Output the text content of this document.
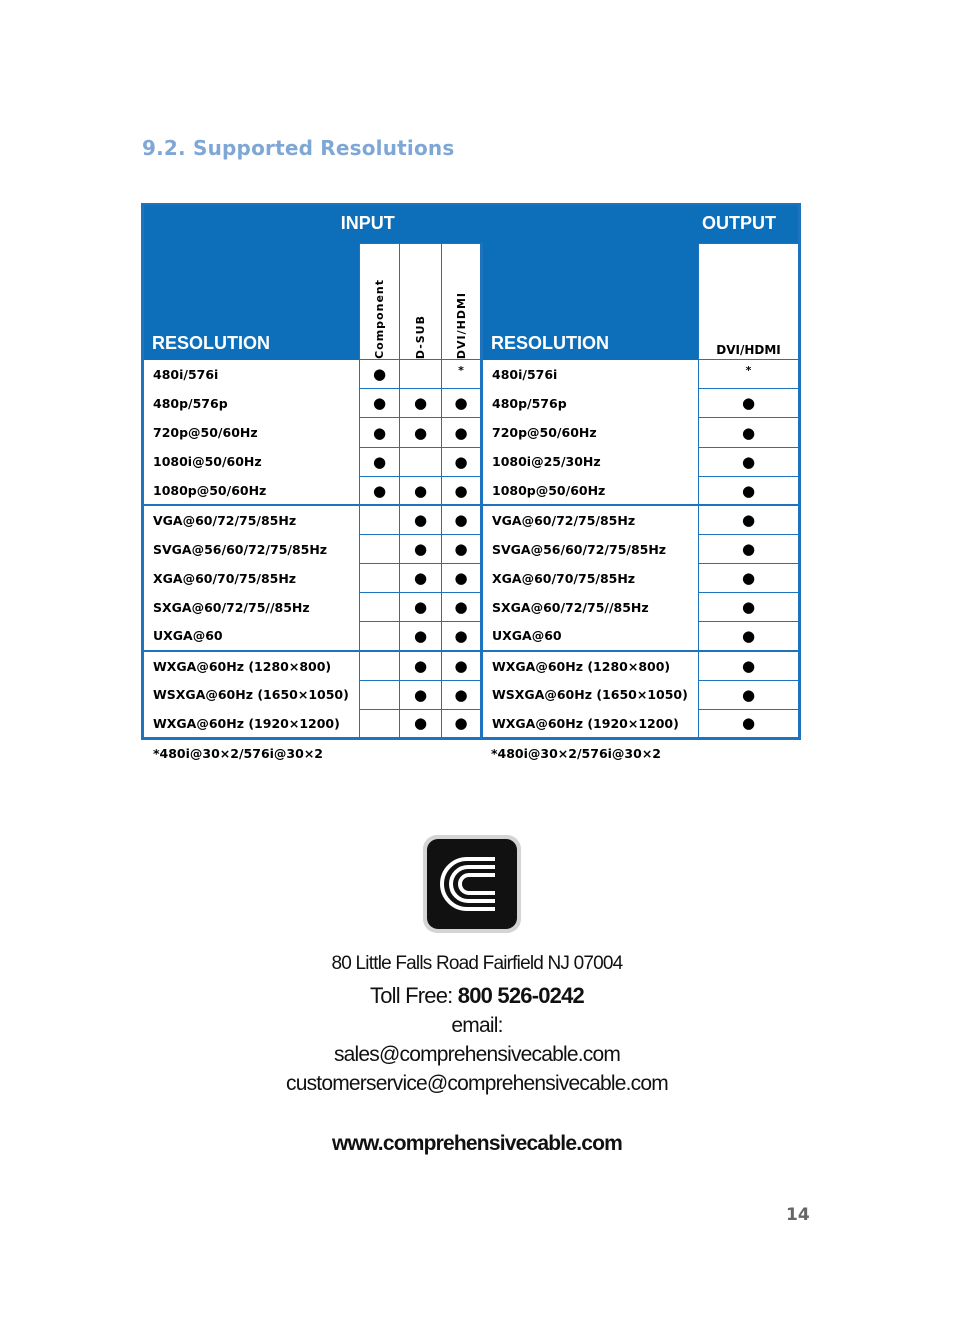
9.2. Supported Resolutions
INPUT				OUTPUT	
RESOLUTION	Component	D-SUB	DVI/HDMI	RESOLUTION	DVI/HDMI
480i/576i	●		*	480i/576i	*
480p/576p	●	●	●	480p/576p	●
720p@50/60Hz	●	●	●	720p@50/60Hz	●
1080i@50/60Hz	●		●	1080i@25/30Hz	●
1080p@50/60Hz	●	●	●	1080p@50/60Hz	●
VGA@60/72/75/85Hz		●	●	VGA@60/72/75/85Hz	●
SVGA@56/60/72/75/85Hz		●	●	SVGA@56/60/72/75/85Hz	●
XGA@60/70/75/85Hz		●	●	XGA@60/70/75/85Hz	●
SXGA@60/72/75//85Hz		●	●	SXGA@60/72/75//85Hz	●
UXGA@60		●	●	UXGA@60	●
WXGA@60Hz (1280×800)		●	●	WXGA@60Hz (1280×800)	●
WSXGA@60Hz (1650×1050)		●	●	WSXGA@60Hz (1650×1050)	●
WXGA@60Hz (1920×1200)		●	●	WXGA@60Hz (1920×1200)	●
*480i@30×2/576i@30×2	*480i@30×2/576i@30×2
80 Little Falls Road Fairfield NJ 07004
Toll Free: 800 526-0242
email:
sales@comprehensivecable.com
customerservice@comprehensivecable.com
www.comprehensivecable.com
14
